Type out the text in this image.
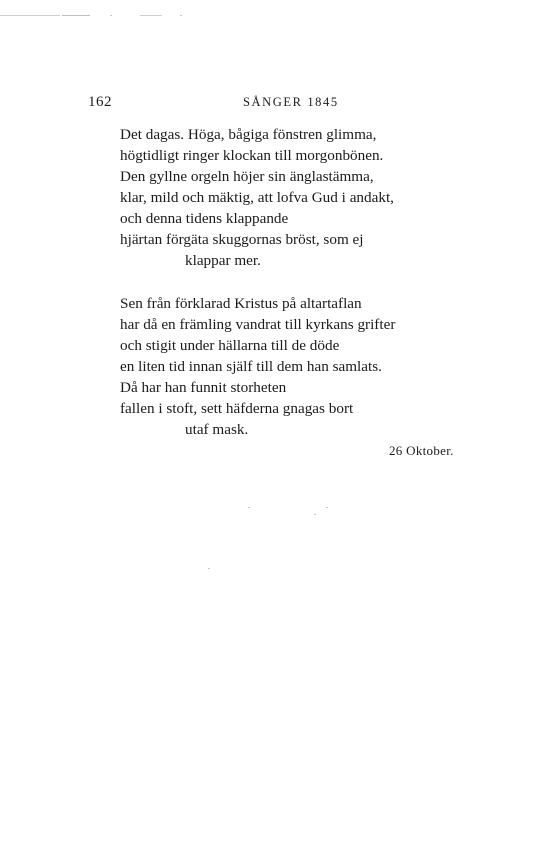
162	SÅNGER 1845
Det dagas. Höga, bågiga fönstren glimma,
högtidligt ringer klockan till morgonbönen.
Den gyllne orgeln höjer sin änglastämma,
klar, mild och mäktig, att lofva Gud i andakt,
och denna tidens klappande
hjärtan förgäta skuggornas bröst, som ej
klappar mer.
Sen från förklarad Kristus på altartaflan
har då en främling vandrat till kyrkans grifter
och stigit under hällarna till de döde
en liten tid innan själf till dem han samlats.
Då har han funnit storheten
fallen i stoft, sett häfderna gnagas bort
utaf mask.
26 Oktober.
